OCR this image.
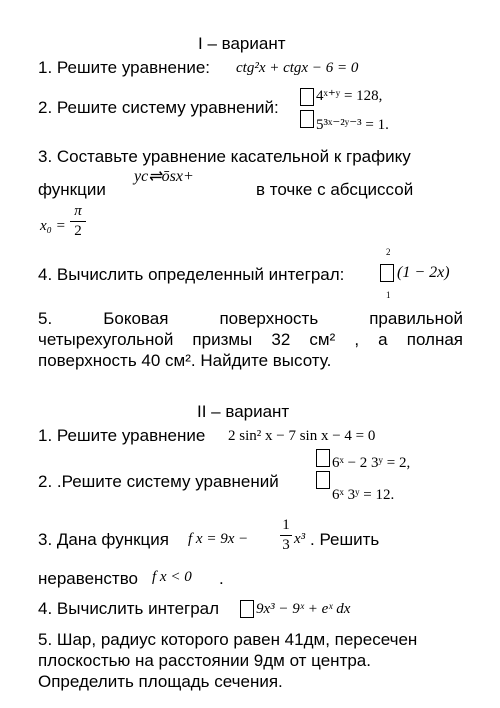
I – вариант
1. Решите уравнение: ctg²x + ctgx − 6 = 0
2. Решите систему уравнений:
4ˣ⁺ʸ = 128,
5³ˣ⁻²ʸ⁻³ = 1.
3. Составьте уравнение касательной к графику
функции
yc⇌ōsx+
в точке с абсциссой
x₀ =
π
2
4. Вычислить определенный интеграл:
2
1
(1 − 2x)
5. Боковая поверхность правильной четырехугольной призмы 32 см² , а полная поверхность 40 см². Найдите высоту.
II – вариант
1. Решите уравнение 2 sin² x − 7 sin x − 4 = 0
2. .Решите систему уравнений
6ˣ − 2 3ʸ = 2,
6ˣ 3ʸ = 12.
3. Дана функция f x = 9x −
1
3 x³ . Решить
неравенство f x < 0 .
4. Вычислить интеграл 9x³ − 9ˣ + eˣ dx
5. Шар, радиус которого равен 41дм, пересечен плоскостью на расстоянии 9дм от центра. Определить площадь сечения.
